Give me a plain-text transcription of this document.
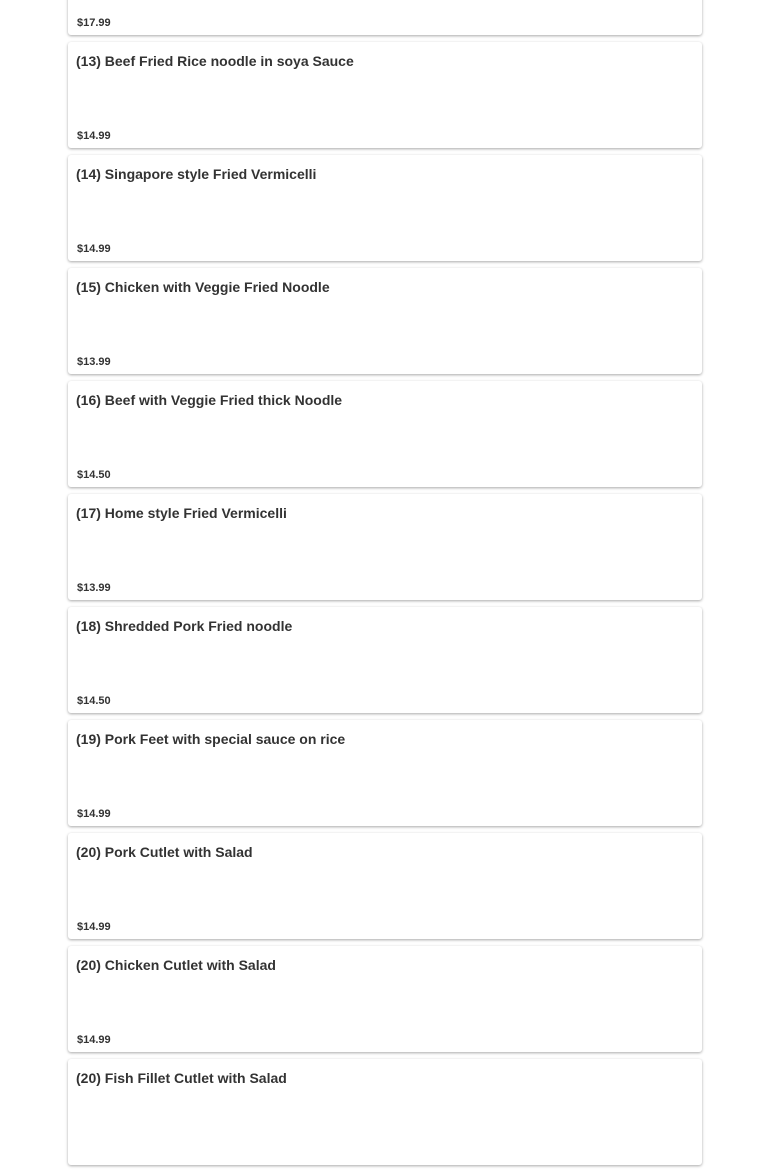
$17.99
(13) Beef Fried Rice noodle in soya Sauce
$14.99
(14) Singapore style Fried Vermicelli
$14.99
(15) Chicken with Veggie Fried Noodle
$13.99
(16) Beef with Veggie Fried thick Noodle
$14.50
(17) Home style Fried Vermicelli
$13.99
(18) Shredded Pork Fried noodle
$14.50
(19) Pork Feet with special sauce on rice
$14.99
(20) Pork Cutlet with Salad
$14.99
(20) Chicken Cutlet with Salad
$14.99
(20) Fish Fillet Cutlet with Salad
